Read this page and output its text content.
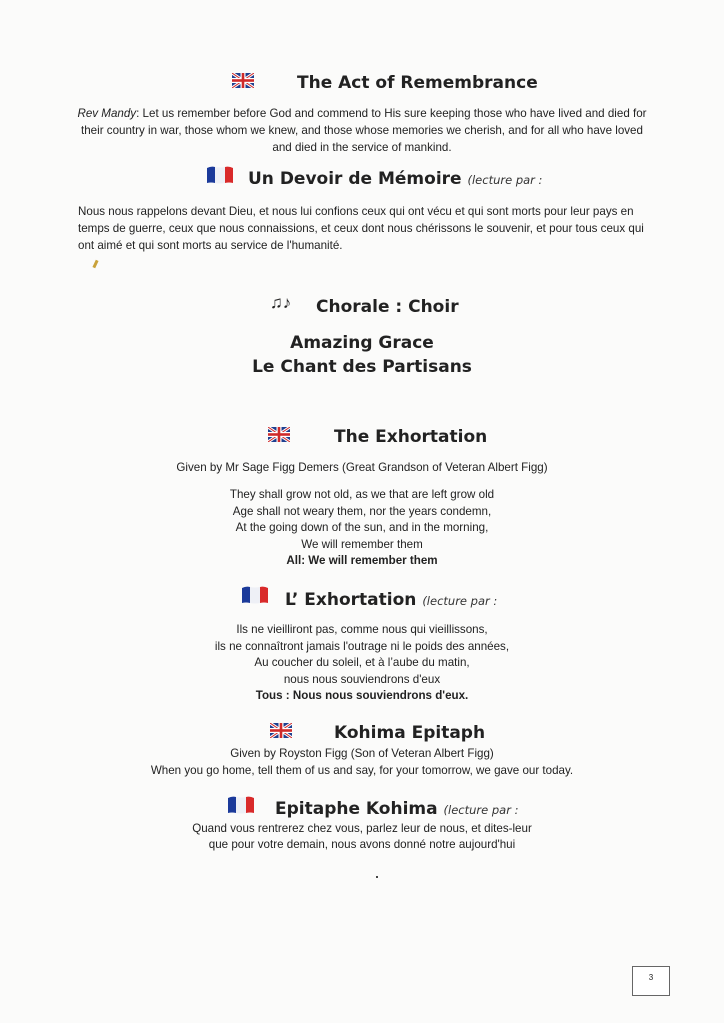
The Act of Remembrance
Rev Mandy: Let us remember before God and commend to His sure keeping those who have lived and died for their country in war, those whom we knew, and those whose memories we cherish, and for all who have loved and died in the service of mankind.
Un Devoir de Mémoire (lecture par :
Nous nous rappelons devant Dieu, et nous lui confions ceux qui ont vécu et qui sont morts pour leur pays en temps de guerre, ceux que nous connaissions, et ceux dont nous chérissons le souvenir, et pour tous ceux qui ont aimé et qui sont morts au service de l'humanité.
♫♪ Chorale : Choir
Amazing Grace
Le Chant des Partisans
The Exhortation
Given by Mr Sage Figg Demers (Great Grandson of Veteran Albert Figg)
They shall grow not old, as we that are left grow old
Age shall not weary them, nor the years condemn,
At the going down of the sun, and in the morning,
We will remember them
All: We will remember them
L’ Exhortation (lecture par :
Ils ne vieilliront pas, comme nous qui vieillissons,
ils ne connaîtront jamais l'outrage ni le poids des années,
Au coucher du soleil, et à l’aube du matin,
nous nous souviendrons d'eux
Tous : Nous nous souviendrons d'eux.
Kohima Epitaph
Given by Royston Figg (Son of Veteran Albert Figg)
When you go home, tell them of us and say, for your tomorrow, we gave our today.
Epitaphe Kohima (lecture par :
Quand vous rentrerez chez vous, parlez leur de nous, et dites-leur
que pour votre demain, nous avons donné notre aujourd'hui
3
